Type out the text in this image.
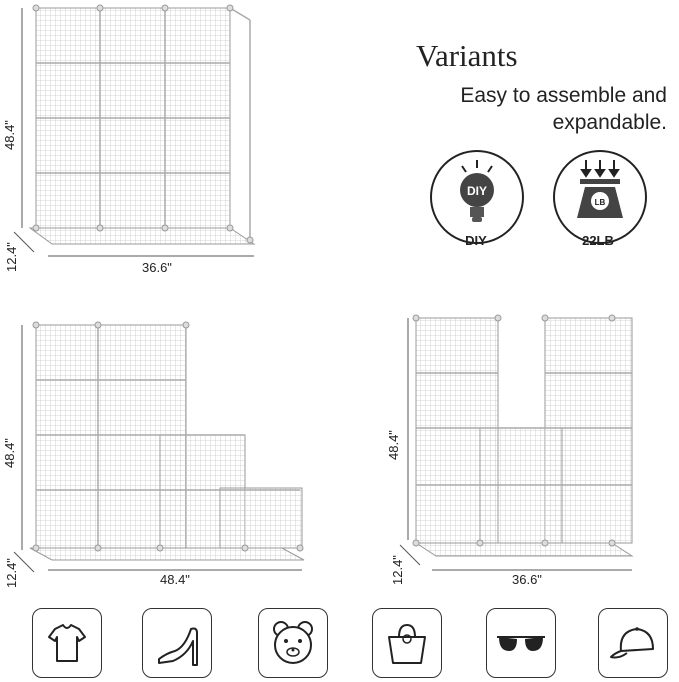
Variants
Easy to assemble and
expandable.
DIY
DIY
LB
22LB
48.4"
36.6"
12.4"
48.4"
48.4"
12.4"
48.4"
36.6"
12.4"
